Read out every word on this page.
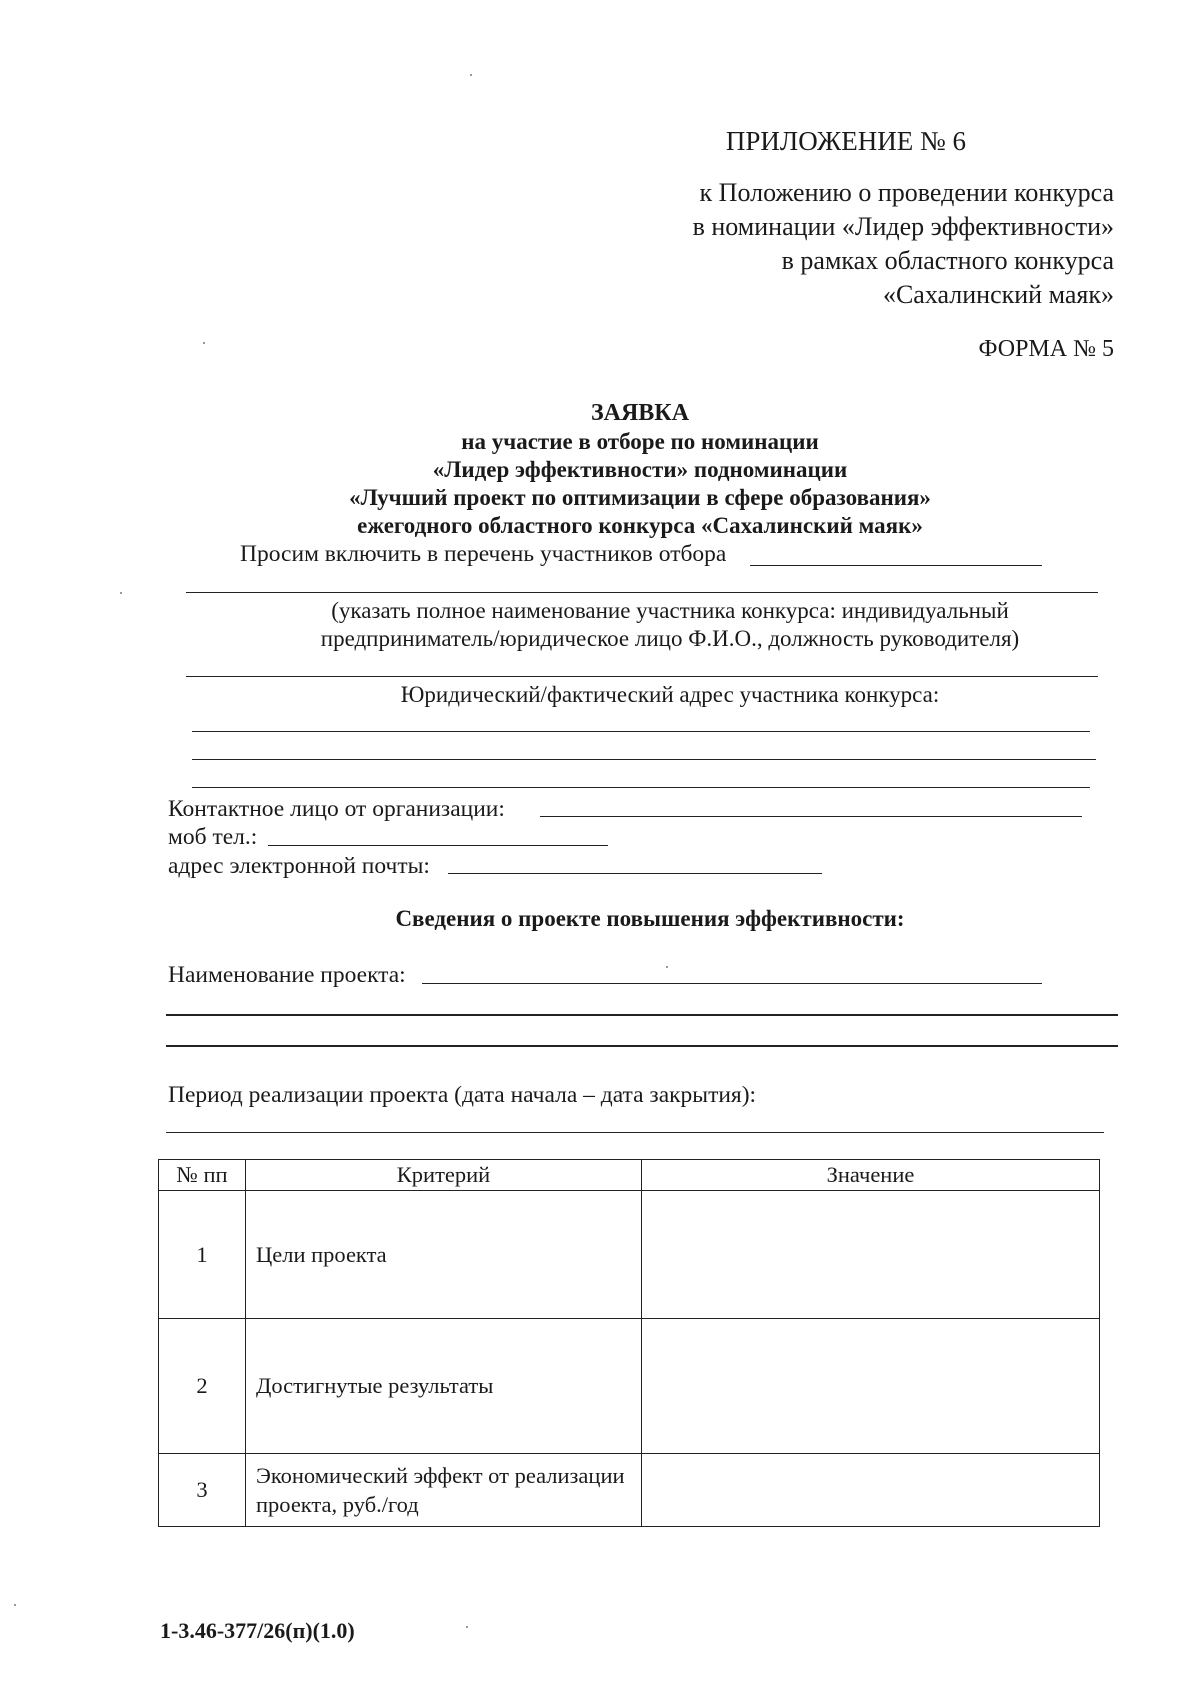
ПРИЛОЖЕНИЕ № 6
к Положению о проведении конкурса
в номинации «Лидер эффективности»
в рамках областного конкурса
«Сахалинский маяк»
ФОРМА № 5
ЗАЯВКА
на участие в отборе по номинации
«Лидер эффективности» подноминации
«Лучший проект по оптимизации в сфере образования»
ежегодного областного конкурса «Сахалинский маяк»
Просим включить в перечень участников отбора
(указать полное наименование участника конкурса: индивидуальный
предприниматель/юридическое лицо Ф.И.О., должность руководителя)
Юридический/фактический адрес участника конкурса:
Контактное лицо от организации:
моб тел.:
адрес электронной почты:
Сведения о проекте повышения эффективности:
Наименование проекта:
Период реализации проекта (дата начала – дата закрытия):
№ пп	Критерий	Значение
1	Цели проекта	
2	Достигнутые результаты	
3	Экономический эффект от реализации проекта, руб./год	
1-3.46-377/26(п)(1.0)
